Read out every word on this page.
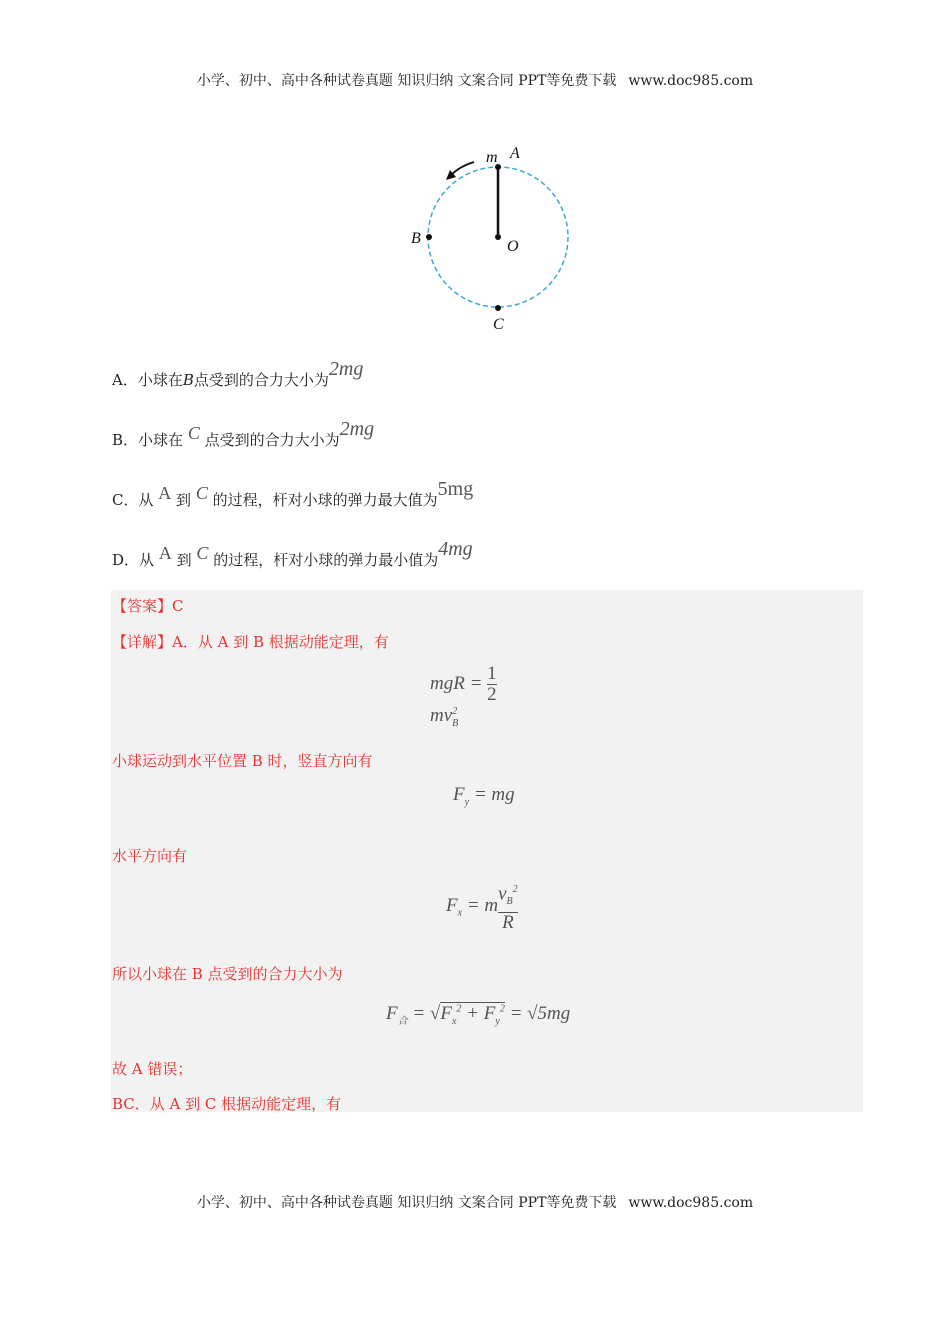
小学、初中、高中各种试卷真题 知识归纳 文案合同 PPT等免费下载 www.doc985.com
m A
B	O
C
A．小球在B点受到的合力大小为2mg
B．小球在 C 点受到的合力大小为2mg
C．从 A 到 C 的过程，杆对小球的弹力最大值为5mg
D．从 A 到 C 的过程，杆对小球的弹力最小值为4mg
【答案】C
【详解】A．从 A 到 B 根据动能定理，有
mgR = $\frac{1}{2}$
$mv_B^2$
小球运动到水平位置 B 时，竖直方向有
$F_y$ = mg
水平方向有
$F_x = m \frac{v_B^2}{R}$
所以小球在 B 点受到的合力大小为
$F_合 = √F_x^2 + F_y^2 = √5mg$
故 A 错误；
BC．从 A 到 C 根据动能定理，有
小学、初中、高中各种试卷真题 知识归纳 文案合同 PPT等免费下载 www.doc985.com
